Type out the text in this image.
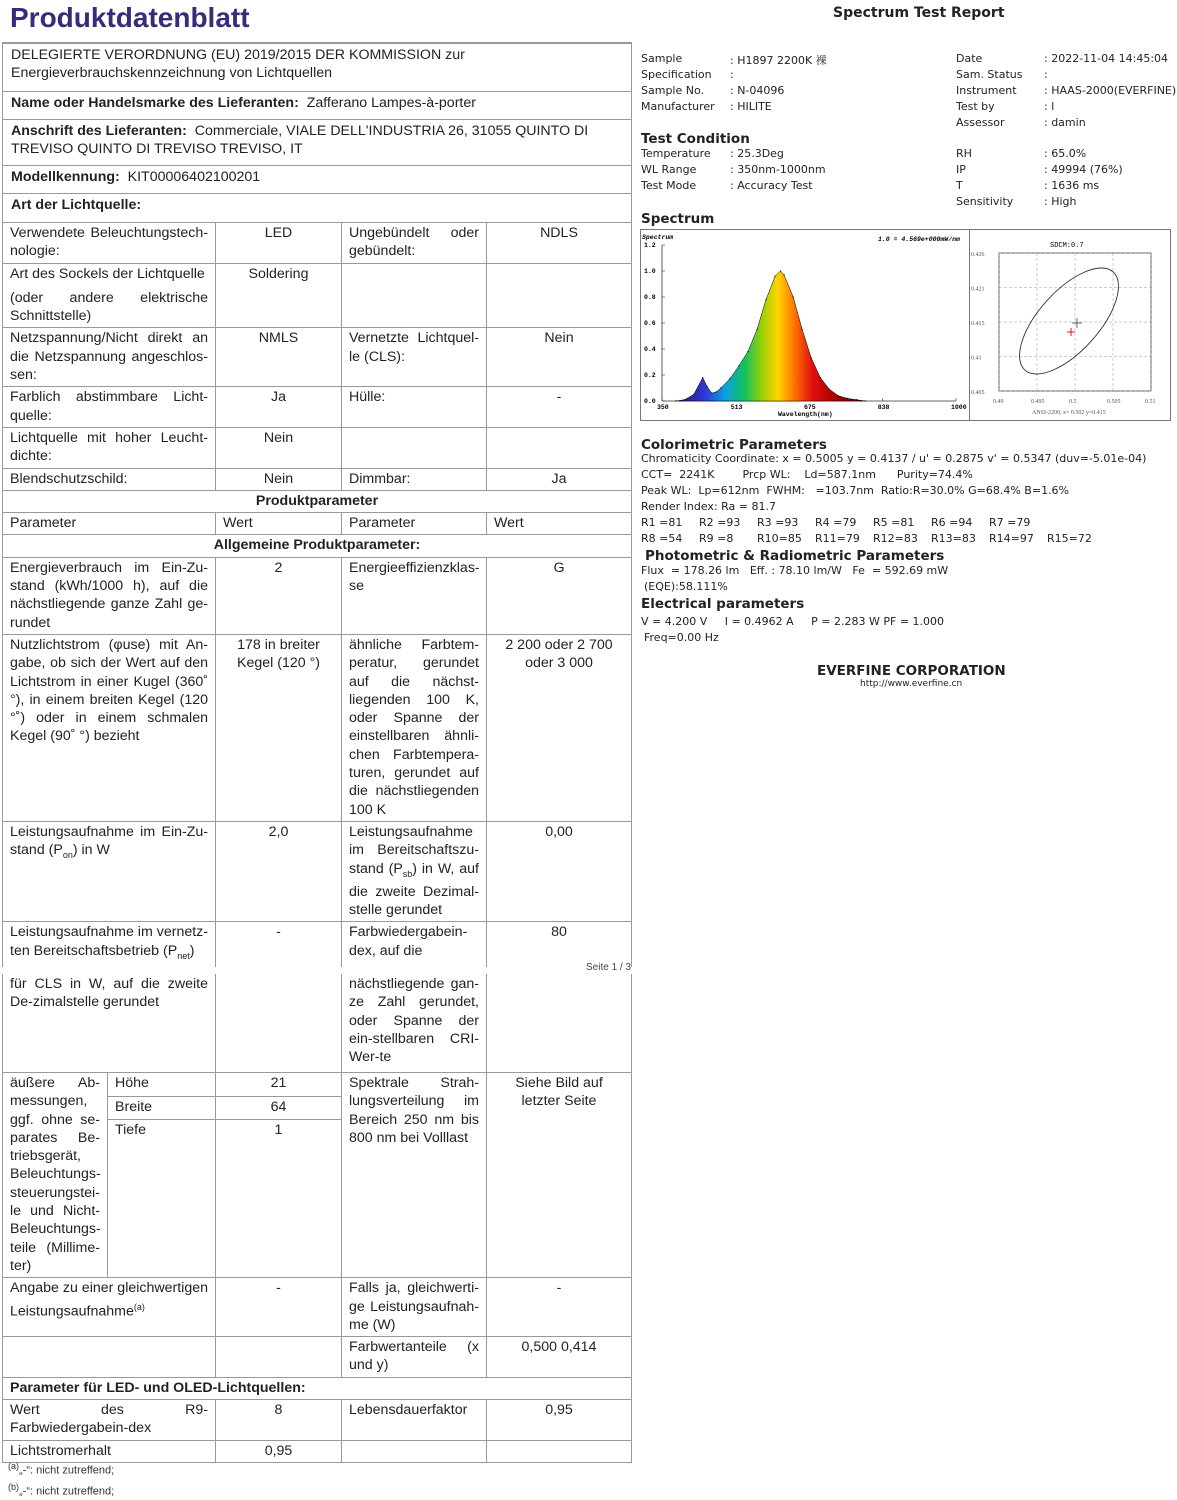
Produktdatenblatt
DELEGIERTE VERORDNUNG (EU) 2019/2015 DER KOMMISSION zur Energieverbrauchskennzeichnung von Lichtquellen
Name oder Handelsmarke des Lieferanten: Zafferano Lampes-à-porter
Anschrift des Lieferanten: Commerciale, VIALE DELL'INDUSTRIA 26, 31055 QUINTO DI TREVISO QUINTO DI TREVISO TREVISO, IT
Modellkennung: KIT00006402100201
Art der Lichtquelle:
Verwendete Beleuchtungstech-nologie:	LED	Ungebündelt oder gebündelt:	NDLS
Art des Sockels der Lichtquelle
(oder andere elektrische Schnittstelle)	Soldering		
Netzspannung/Nicht direkt an die Netzspannung angeschlos-sen:	NMLS	Vernetzte Lichtquel-le (CLS):	Nein
Farblich abstimmbare Licht-quelle:	Ja	Hülle:	-
Lichtquelle mit hoher Leucht-dichte:	Nein		
Blendschutzschild:	Nein	Dimmbar:	Ja
Produktparameter			
Parameter	Wert	Parameter	Wert
Allgemeine Produktparameter:			
Energieverbrauch im Ein-Zu-stand (kWh/1000 h), auf die nächstliegende ganze Zahl ge-rundet	2	Energieeffizienzklas-se	G
Nutzlichtstrom (φuse) mit An-gabe, ob sich der Wert auf den Lichtstrom in einer Kugel (360˚ °), in einem breiten Kegel (120 °˚) oder in einem schmalen Kegel (90˚ °) bezieht	178 in breiter Kegel (120 °)	ähnliche Farbtem-peratur, gerundet auf die nächst-liegenden 100 K, oder Spanne der einstellbaren ähnli-chen Farbtempera-turen, gerundet auf die nächstliegenden 100 K	2 200 oder 2 700 oder 3 000
Leistungsaufnahme im Ein-Zu-stand $(P_{on})$ in W	2,0	Leistungsaufnahme im Bereitschaftszu-stand $(P_{sb})$ in W, auf die zweite Dezimal-stelle gerundet	0,00
Leistungsaufnahme im vernetz-ten Bereitschaftsbetrieb $(P_{net})$	-	Farbwiedergabein-dex, auf die	80
Seite 1 / 3
für CLS in W, auf die zweite De-zimalstelle gerundet			nächstliegende gan-ze Zahl gerundet, oder Spanne der ein-stellbaren CRI-Wer-te	
äußere Ab-messungen, ggf. ohne se-parates Be-triebsgerät, Beleuchtungs-steuerungstei-le und Nicht-Beleuchtungs-teile (Millime-ter)	Höhe	21	Spektrale Strah-lungsverteilung im Bereich 250 nm bis 800 nm bei Volllast	Siehe Bild auf letzter Seite
	Breite	64		
	Tiefe	1		
Angabe zu einer gleichwertigen Leistungsaufnahme$^{(a)}$		-	Falls ja, gleichwerti-ge Leistungsaufnah-me (W)	-
			Farbwertanteile (x und y)	0,500 0,414
Parameter für LED- und OLED-Lichtquellen:				
Wert des R9-Farbwiedergabein-dex		8	Lebensdauerfaktor	0,95
Lichtstromerhalt		0,95		
$^{(a)}$„-“: nicht zutreffend;
$^{(b)}$„-“: nicht zutreffend;
Spectrum Test Report
Test Condition
Spectrum
Spectrum	1.0 = 4.569e+000mW/nm
Wavelength(nm)
0.0
0.2
0.4
0.6
0.8
1.0
1.2
350	513	675	838	1000
SDCM:0.7
ANSI-2200, x= 0.502 y=0.415
0.49	0.495	0.5	0.505	0.51
0.426
0.421
0.415
0.41
0.405
Colorimetric Parameters
Chromaticity Coordinate: x = 0.5005 y = 0.4137 / u' = 0.2875 v' = 0.5347 (duv=-5.01e-04)
CCT=  2241K        Prcp WL:    Ld=587.1nm      Purity=74.4%
Peak WL:  Lp=612nm  FWHM:   =103.7nm  Ratio:R=30.0% G=68.4% B=1.6%
Render Index: Ra = 81.7
Photometric & Radiometric Parameters
Flux  = 178.26 lm   Eff. : 78.10 lm/W   Fe  = 592.69 mW
(EQE):58.111%
Electrical parameters
V = 4.200 V     I = 0.4962 A     P = 2.283 W PF = 1.000
Freq=0.00 Hz
EVERFINE CORPORATION
http://www.everfine.cn
Sample	: H1897 2200K 裸
Specification :
Sample No. : N-04096
Manufacturer : HILITE
Date	: 2022-11-04 14:45:04
Sam. Status :
Instrument : HAAS-2000(EVERFINE)
Test by	: l
Assessor	: damin
Temperature : 25.3Deg
WL Range	: 350nm-1000nm
Test Mode	: Accuracy Test
RH	: 65.0%
IP	: 49994 (76%)
T	: 1636 ms
Sensitivity	: High
R1 =81 R2 =93 R3 =93 R4 =79 R5 =81 R6 =94 R7 =79
R8 =54 R9 =8 R10=85 R11=79 R12=83 R13=83 R14=97 R15=72
